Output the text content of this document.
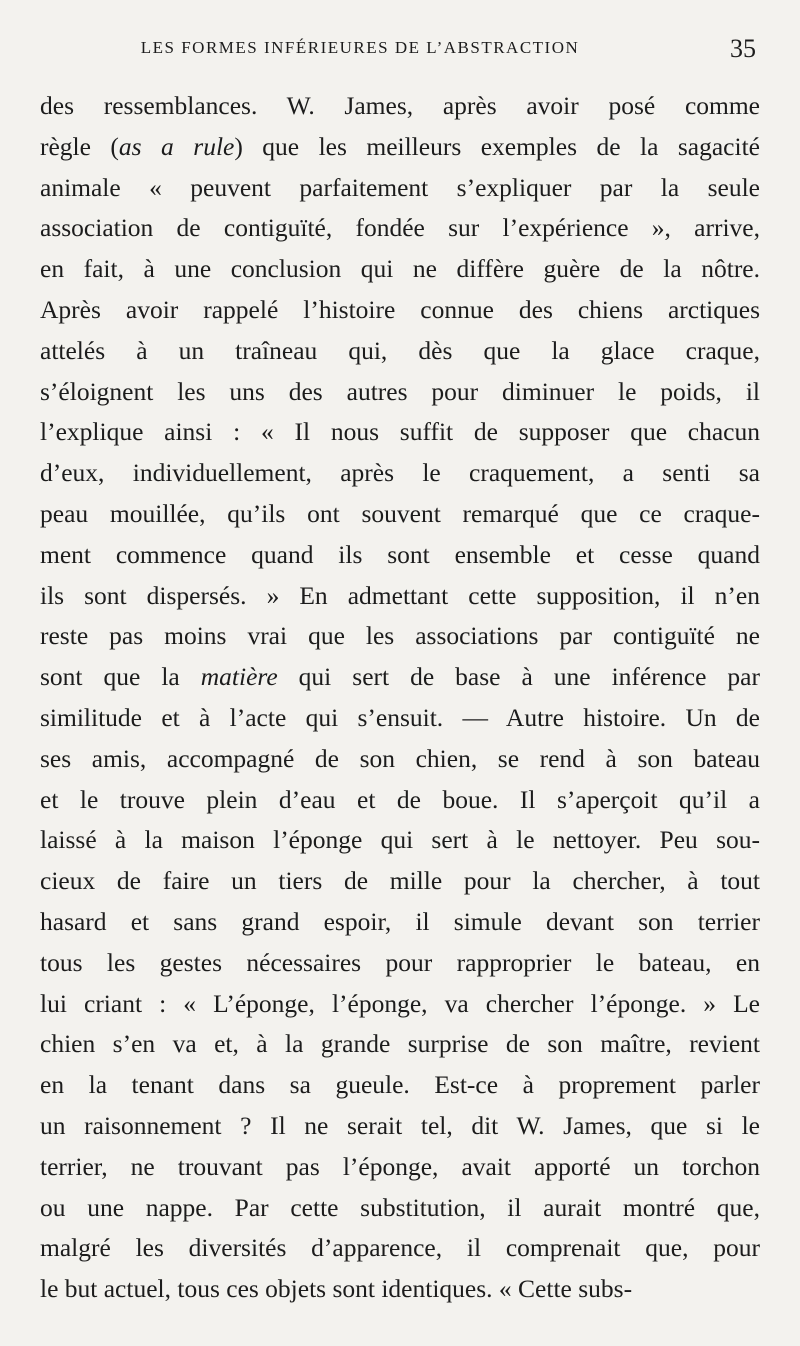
LES FORMES INFÉRIEURES DE L’ABSTRACTION	35
des ressemblances. W. James, après avoir posé comme
règle (as a rule) que les meilleurs exemples de la sagacité
animale « peuvent parfaitement s’expliquer par la seule
association de contiguïté, fondée sur l’expérience », arrive,
en fait, à une conclusion qui ne diffère guère de la nôtre.
Après avoir rappelé l’histoire connue des chiens arctiques
attelés à un traîneau qui, dès que la glace craque,
s’éloignent les uns des autres pour diminuer le poids, il
l’explique ainsi : « Il nous suffit de supposer que chacun
d’eux, individuellement, après le craquement, a senti sa
peau mouillée, qu’ils ont souvent remarqué que ce craque-
ment commence quand ils sont ensemble et cesse quand
ils sont dispersés. » En admettant cette supposition, il n’en
reste pas moins vrai que les associations par contiguïté ne
sont que la matière qui sert de base à une inférence par
similitude et à l’acte qui s’ensuit. — Autre histoire. Un de
ses amis, accompagné de son chien, se rend à son bateau
et le trouve plein d’eau et de boue. Il s’aperçoit qu’il a
laissé à la maison l’éponge qui sert à le nettoyer. Peu sou-
cieux de faire un tiers de mille pour la chercher, à tout
hasard et sans grand espoir, il simule devant son terrier
tous les gestes nécessaires pour rapproprier le bateau, en
lui criant : « L’éponge, l’éponge, va chercher l’éponge. » Le
chien s’en va et, à la grande surprise de son maître, revient
en la tenant dans sa gueule. Est-ce à proprement parler
un raisonnement ? Il ne serait tel, dit W. James, que si le
terrier, ne trouvant pas l’éponge, avait apporté un torchon
ou une nappe. Par cette substitution, il aurait montré que,
malgré les diversités d’apparence, il comprenait que, pour
le but actuel, tous ces objets sont identiques. « Cette subs-
